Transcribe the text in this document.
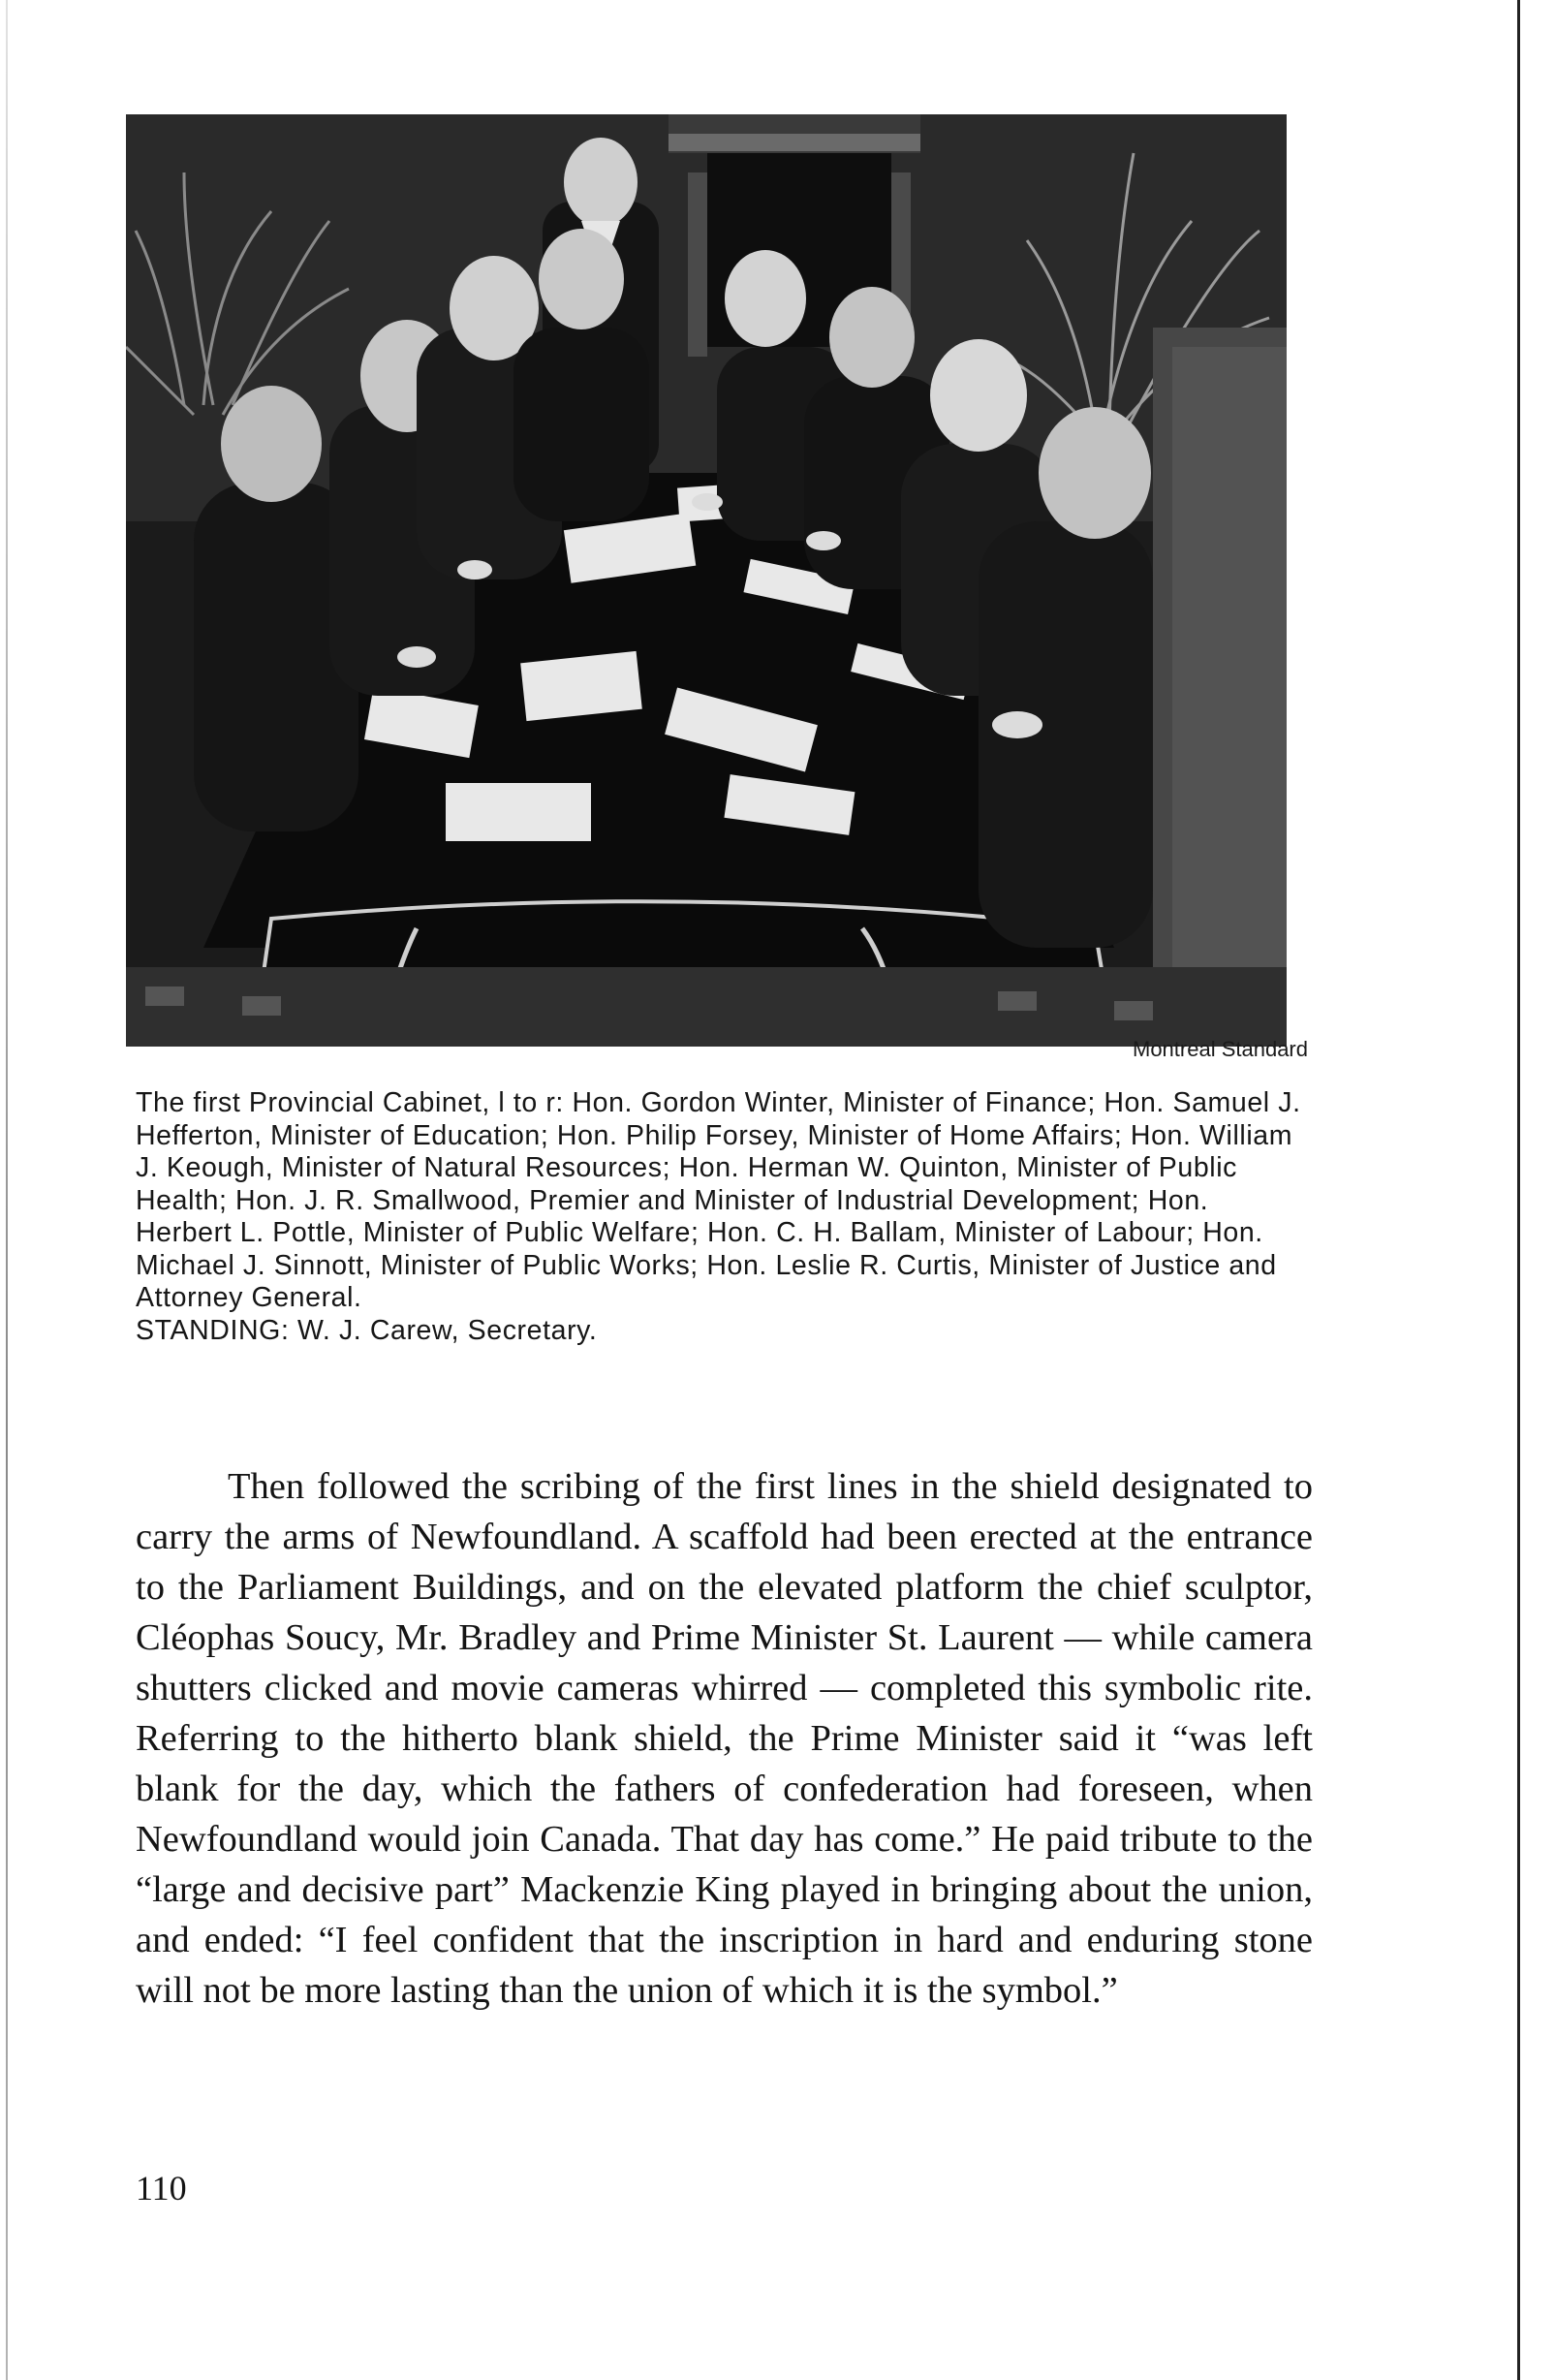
Montreal Standard

The first Provincial Cabinet, l to r: Hon. Gordon Winter, Minister of Finance; Hon. Samuel J. Hefferton, Minister of Education; Hon. Philip Forsey, Minister of Home Affairs; Hon. William J. Keough, Minister of Natural Resources; Hon. Herman W. Quinton, Minister of Public Health; Hon. J. R. Smallwood, Premier and Minister of Industrial Development; Hon. Herbert L. Pottle, Minister of Public Welfare; Hon. C. H. Ballam, Minister of Labour; Hon. Michael J. Sinnott, Minister of Public Works; Hon. Leslie R. Curtis, Minister of Justice and Attorney General.

STANDING: W. J. Carew, Secretary.

Then followed the scribing of the first lines in the shield designated to carry the arms of Newfoundland. A scaffold had been erected at the entrance to the Parliament Buildings, and on the elevated platform the chief sculptor, Cléophas Soucy, Mr. Bradley and Prime Minister St. Laurent — while camera shutters clicked and movie cameras whirred — completed this symbolic rite. Referring to the hitherto blank shield, the Prime Minister said it “was left blank for the day, which the fathers of confederation had foreseen, when Newfoundland would join Canada. That day has come.” He paid tribute to the “large and decisive part” Mackenzie King played in bringing about the union, and ended: “I feel confident that the inscription in hard and enduring stone will not be more lasting than the union of which it is the symbol.”

110
